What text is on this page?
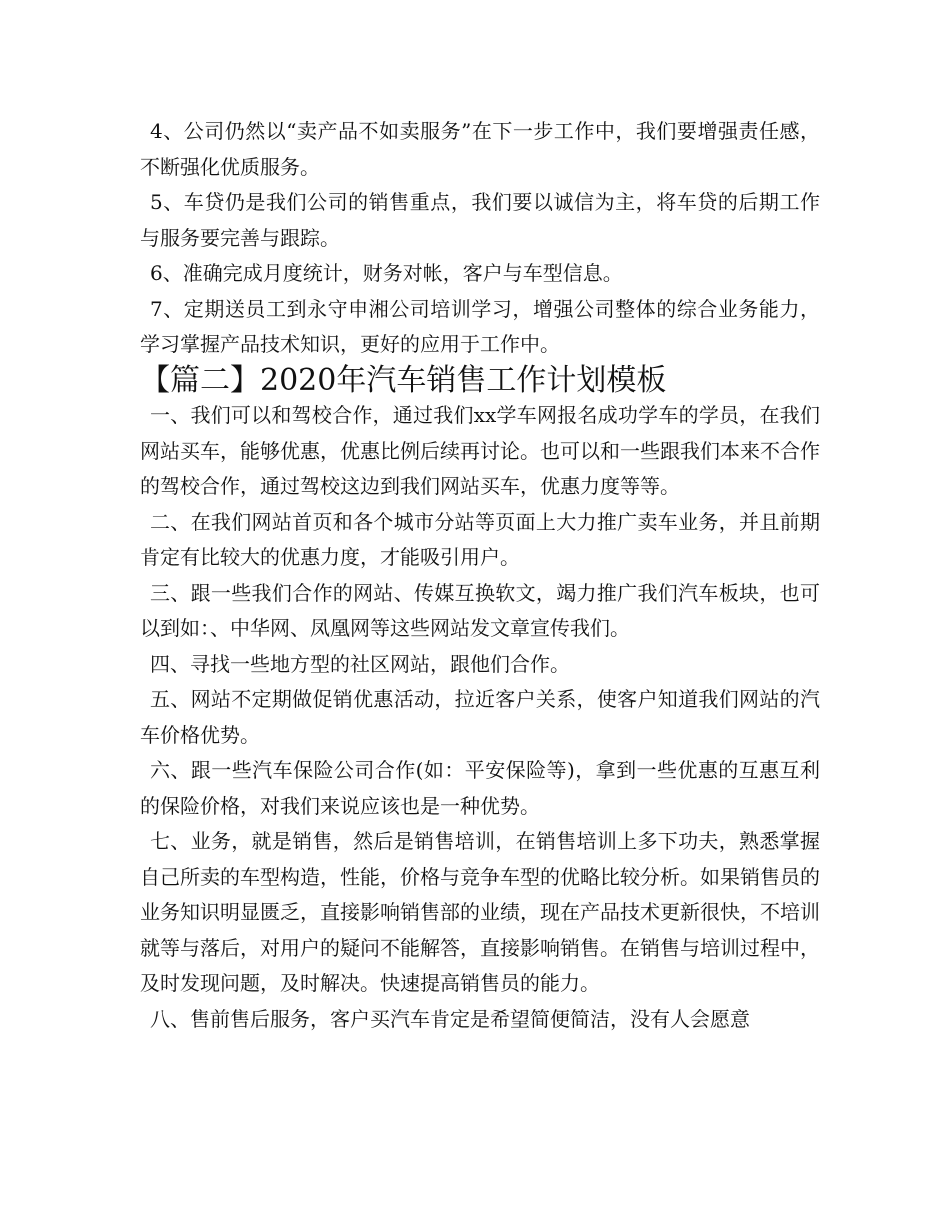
4、公司仍然以“卖产品不如卖服务”在下一步工作中，我们要增强责任感，不断强化优质服务。

5、车贷仍是我们公司的销售重点，我们要以诚信为主，将车贷的后期工作与服务要完善与跟踪。

6、准确完成月度统计，财务对帐，客户与车型信息。

7、定期送员工到永守申湘公司培训学习，增强公司整体的综合业务能力，学习掌握产品技术知识，更好的应用于工作中。

【篇二】2020年汽车销售工作计划模板

一、我们可以和驾校合作，通过我们xx学车网报名成功学车的学员，在我们网站买车，能够优惠，优惠比例后续再讨论。也可以和一些跟我们本来不合作的驾校合作，通过驾校这边到我们网站买车，优惠力度等等。

二、在我们网站首页和各个城市分站等页面上大力推广卖车业务，并且前期肯定有比较大的优惠力度，才能吸引用户。

三、跟一些我们合作的网站、传媒互换软文，竭力推广我们汽车板块，也可以到如：、中华网、凤凰网等这些网站发文章宣传我们。

四、寻找一些地方型的社区网站，跟他们合作。

五、网站不定期做促销优惠活动，拉近客户关系，使客户知道我们网站的汽车价格优势。

六、跟一些汽车保险公司合作(如：平安保险等)，拿到一些优惠的互惠互利的保险价格，对我们来说应该也是一种优势。

七、业务，就是销售，然后是销售培训，在销售培训上多下功夫，熟悉掌握自己所卖的车型构造，性能，价格与竞争车型的优略比较分析。如果销售员的业务知识明显匮乏，直接影响销售部的业绩，现在产品技术更新很快，不培训就等与落后，对用户的疑问不能解答，直接影响销售。在销售与培训过程中，及时发现问题，及时解决。快速提高销售员的能力。

八、售前售后服务，客户买汽车肯定是希望简便简洁，没有人会愿意
